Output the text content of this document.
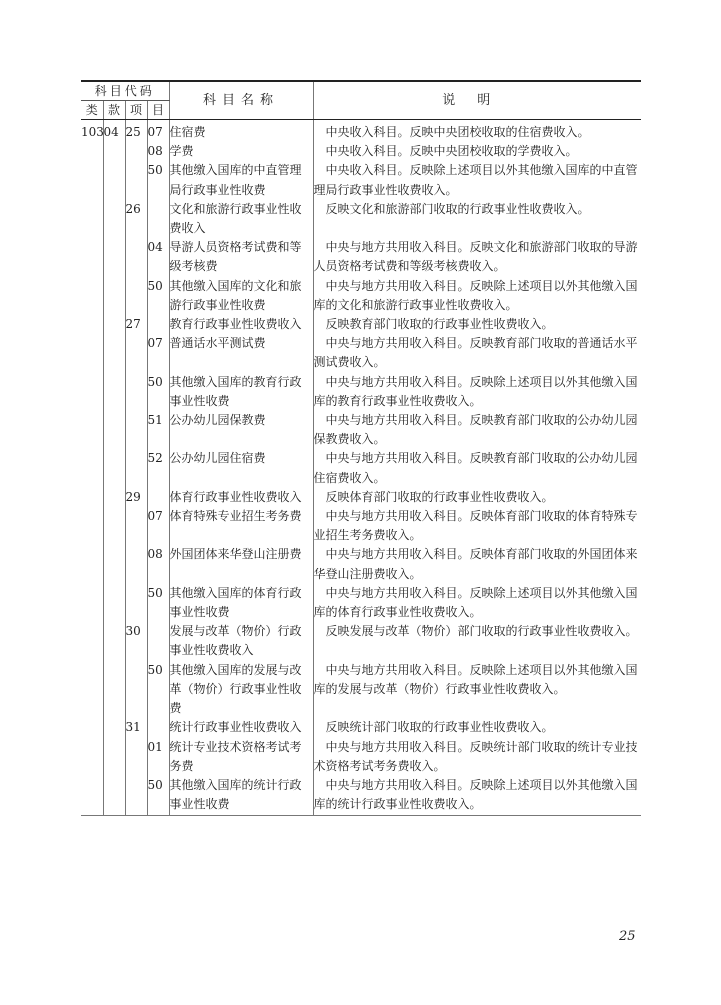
科目代码				科目名称	说明
类	款	项	目		
103	04	25	07	住宿费	中央收入科目。反映中央团校收取的住宿费收入。
			08	学费	中央收入科目。反映中央团校收取的学费收入。
			50	其他缴入国库的中直管理局行政事业性收费	中央收入科目。反映除上述项目以外其他缴入国库的中直管理局行政事业性收费收入。
		26		文化和旅游行政事业性收费收入	反映文化和旅游部门收取的行政事业性收费收入。
			04	导游人员资格考试费和等级考核费	中央与地方共用收入科目。反映文化和旅游部门收取的导游人员资格考试费和等级考核费收入。
			50	其他缴入国库的文化和旅游行政事业性收费	中央与地方共用收入科目。反映除上述项目以外其他缴入国库的文化和旅游行政事业性收费收入。
		27		教育行政事业性收费收入	反映教育部门收取的行政事业性收费收入。
			07	普通话水平测试费	中央与地方共用收入科目。反映教育部门收取的普通话水平测试费收入。
			50	其他缴入国库的教育行政事业性收费	中央与地方共用收入科目。反映除上述项目以外其他缴入国库的教育行政事业性收费收入。
			51	公办幼儿园保教费	中央与地方共用收入科目。反映教育部门收取的公办幼儿园保教费收入。
			52	公办幼儿园住宿费	中央与地方共用收入科目。反映教育部门收取的公办幼儿园住宿费收入。
		29		体育行政事业性收费收入	反映体育部门收取的行政事业性收费收入。
			07	体育特殊专业招生考务费	中央与地方共用收入科目。反映体育部门收取的体育特殊专业招生考务费收入。
			08	外国团体来华登山注册费	中央与地方共用收入科目。反映体育部门收取的外国团体来华登山注册费收入。
			50	其他缴入国库的体育行政事业性收费	中央与地方共用收入科目。反映除上述项目以外其他缴入国库的体育行政事业性收费收入。
		30		发展与改革（物价）行政事业性收费收入	反映发展与改革（物价）部门收取的行政事业性收费收入。
			50	其他缴入国库的发展与改革（物价）行政事业性收费	中央与地方共用收入科目。反映除上述项目以外其他缴入国库的发展与改革（物价）行政事业性收费收入。
		31		统计行政事业性收费收入	反映统计部门收取的行政事业性收费收入。
			01	统计专业技术资格考试考务费	中央与地方共用收入科目。反映统计部门收取的统计专业技术资格考试考务费收入。
			50	其他缴入国库的统计行政事业性收费	中央与地方共用收入科目。反映除上述项目以外其他缴入国库的统计行政事业性收费收入。

25
